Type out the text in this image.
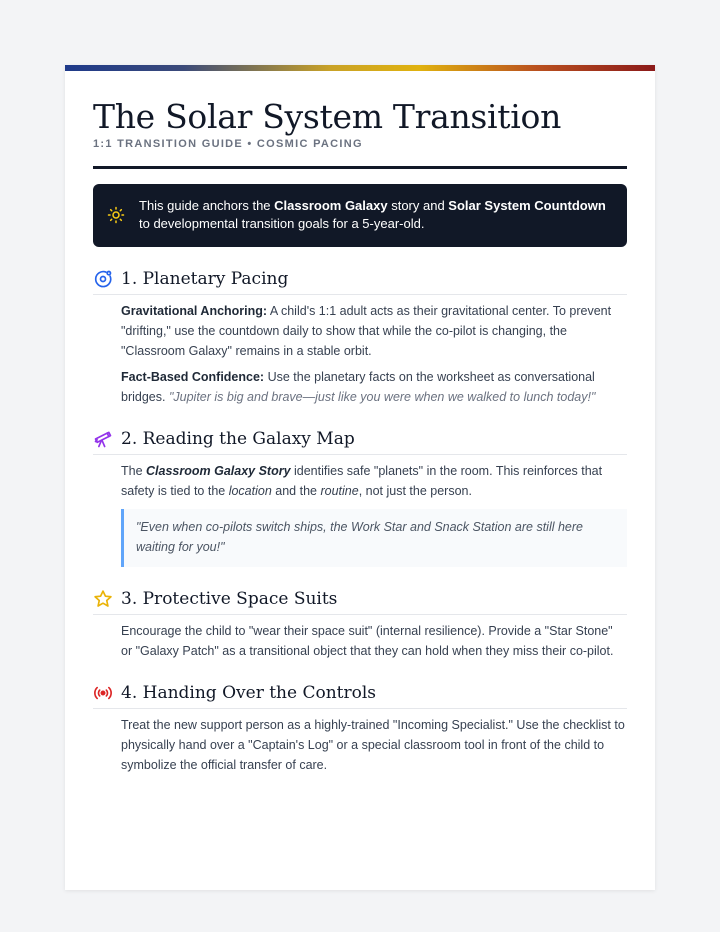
The Solar System Transition
1:1 TRANSITION GUIDE • COSMIC PACING
This guide anchors the Classroom Galaxy story and Solar System Countdown to developmental transition goals for a 5-year-old.
1. Planetary Pacing

Gravitational Anchoring: A child's 1:1 adult acts as their gravitational center. To prevent "drifting," use the countdown daily to show that while the co-pilot is changing, the "Classroom Galaxy" remains in a stable orbit.

Fact-Based Confidence: Use the planetary facts on the worksheet as conversational bridges. "Jupiter is big and brave—just like you were when we walked to lunch today!"

2. Reading the Galaxy Map

The Classroom Galaxy Story identifies safe "planets" in the room. This reinforces that safety is tied to the location and the routine, not just the person.

"Even when co-pilots switch ships, the Work Star and Snack Station are still here waiting for you!"
3. Protective Space Suits

Encourage the child to "wear their space suit" (internal resilience). Provide a "Star Stone" or "Galaxy Patch" as a transitional object that they can hold when they miss their co-pilot.

4. Handing Over the Controls

Treat the new support person as a highly-trained "Incoming Specialist." Use the checklist to physically hand over a "Captain's Log" or a special classroom tool in front of the child to symbolize the official transfer of care.
